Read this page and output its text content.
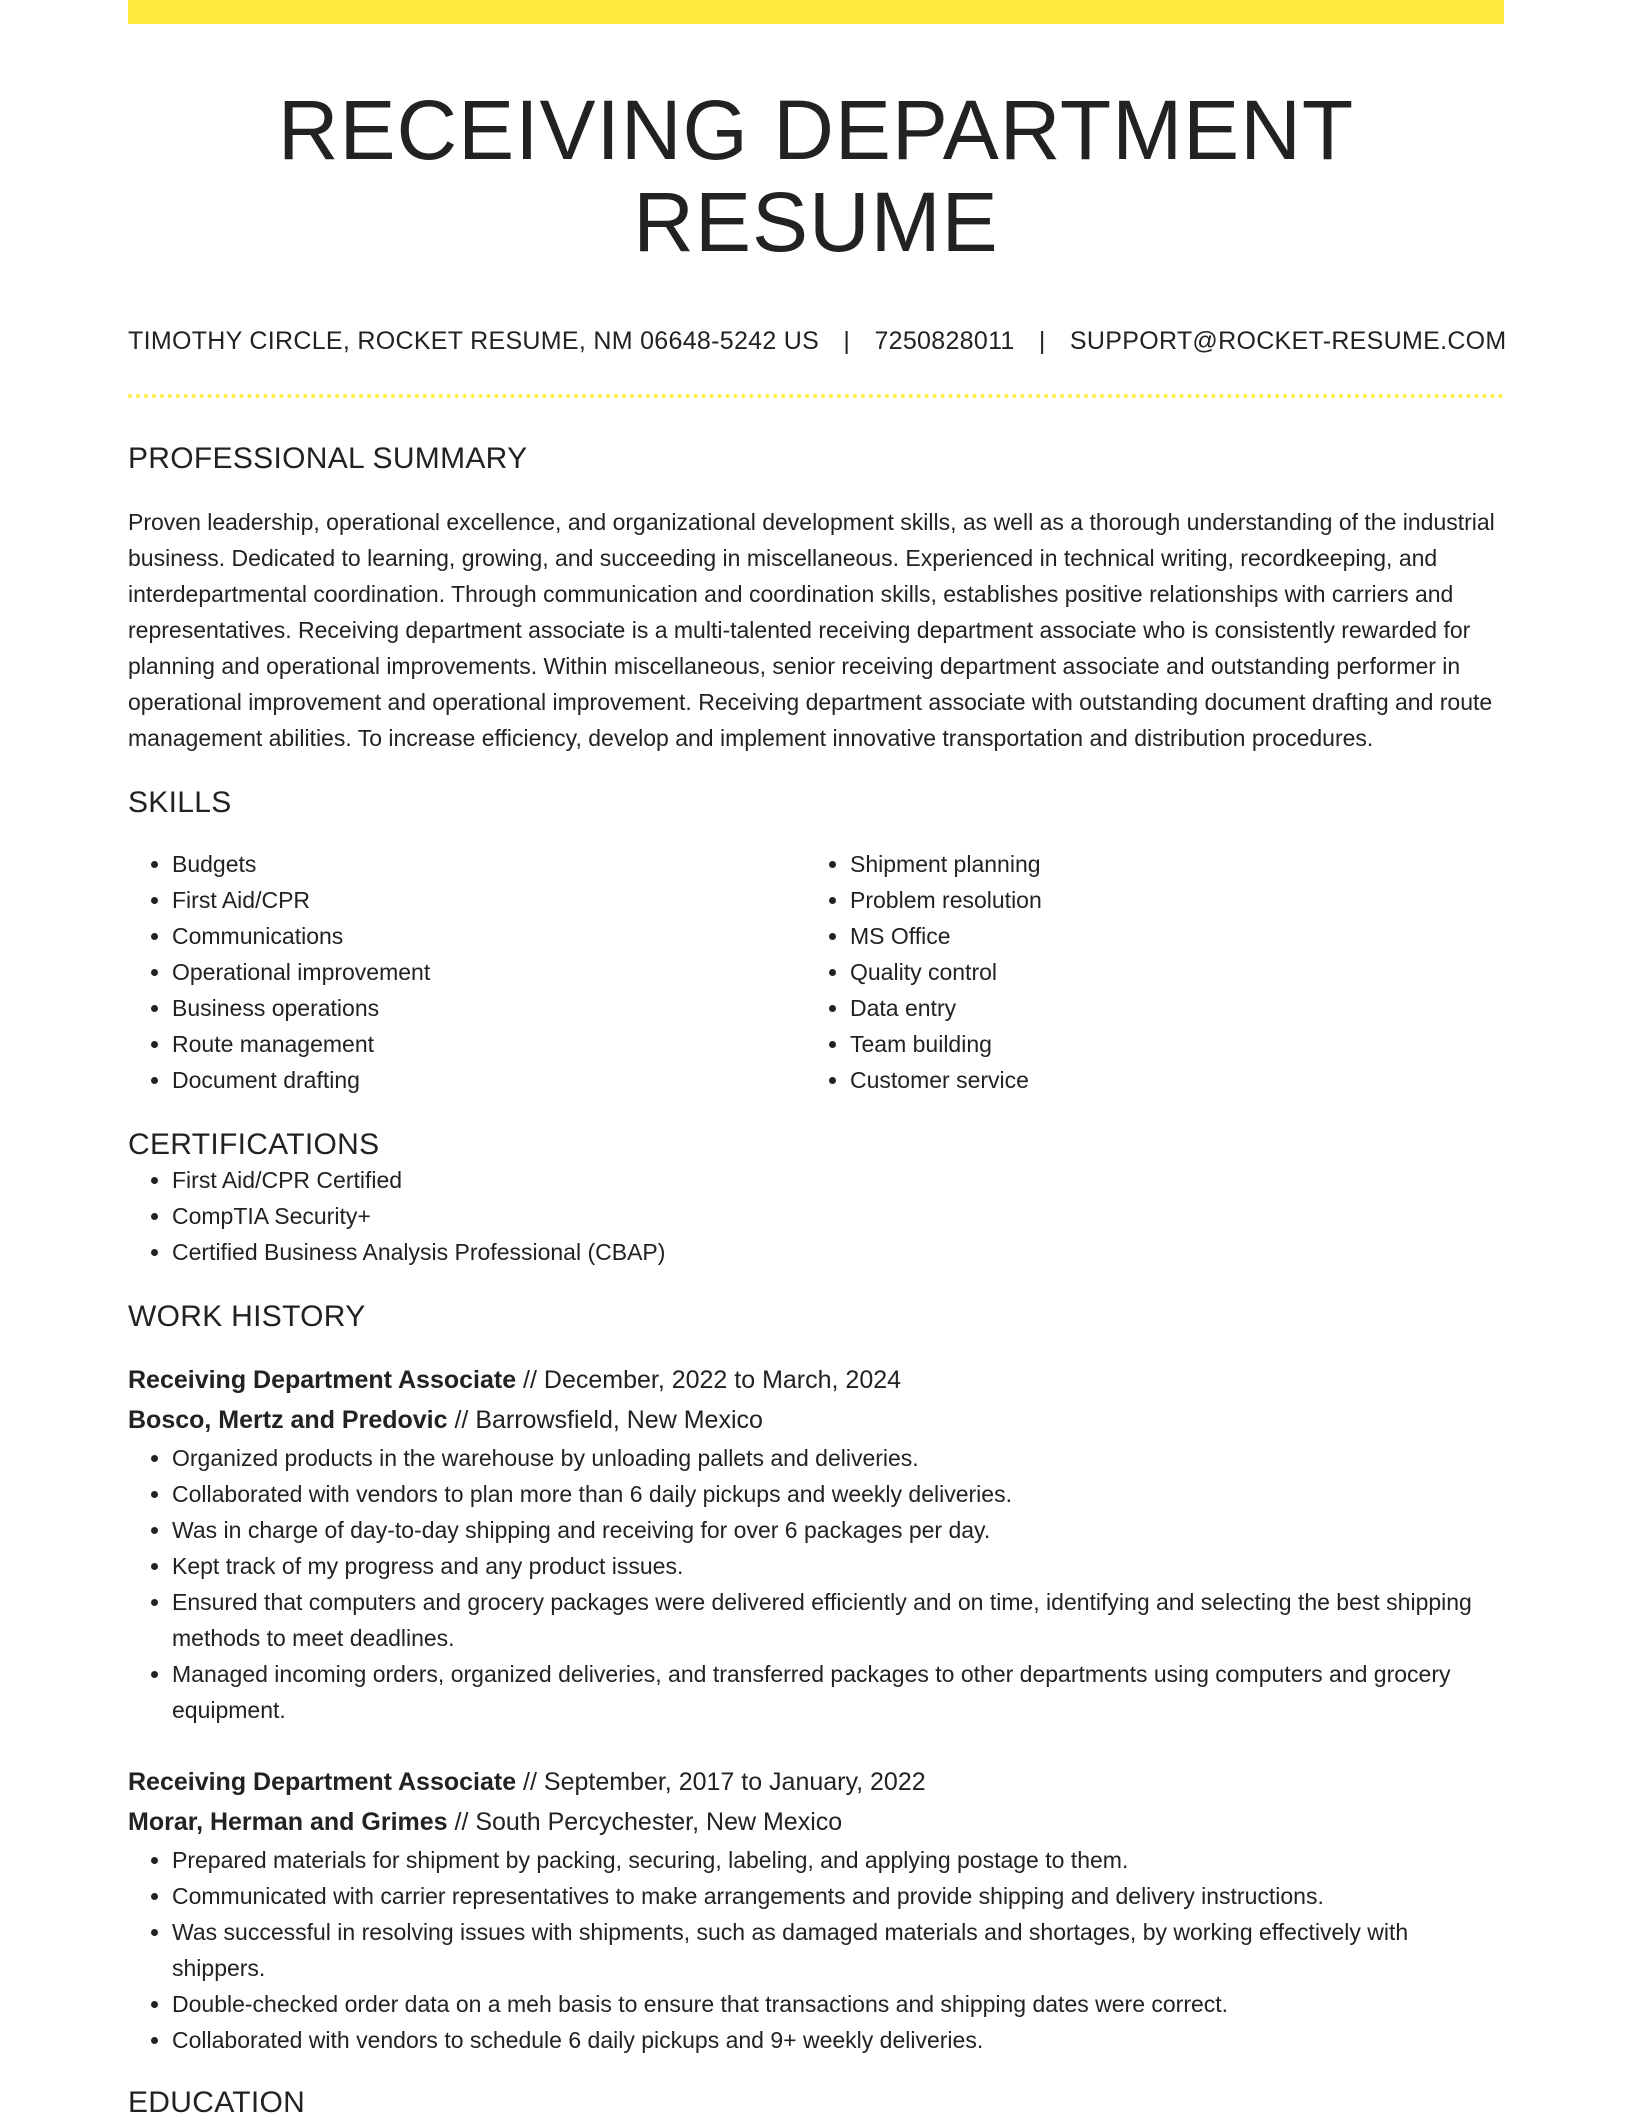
RECEIVING DEPARTMENT RESUME
TIMOTHY CIRCLE, ROCKET RESUME, NM 06648-5242 US | 7250828011 | SUPPORT@ROCKET-RESUME.COM
PROFESSIONAL SUMMARY

Proven leadership, operational excellence, and organizational development skills, as well as a thorough understanding of the industrial business. Dedicated to learning, growing, and succeeding in miscellaneous. Experienced in technical writing, recordkeeping, and interdepartmental coordination. Through communication and coordination skills, establishes positive relationships with carriers and representatives. Receiving department associate is a multi-talented receiving department associate who is consistently rewarded for planning and operational improvements. Within miscellaneous, senior receiving department associate and outstanding performer in operational improvement and operational improvement. Receiving department associate with outstanding document drafting and route management abilities. To increase efficiency, develop and implement innovative transportation and distribution procedures.

SKILLS
• Budgets
• First Aid/CPR
• Communications
• Operational improvement
• Business operations
• Route management
• Document drafting
• Shipment planning
• Problem resolution
• MS Office
• Quality control
• Data entry
• Team building
• Customer service
CERTIFICATIONS
• First Aid/CPR Certified
• CompTIA Security+
• Certified Business Analysis Professional (CBAP)
WORK HISTORY
Receiving Department Associate // December, 2022 to March, 2024
Bosco, Mertz and Predovic // Barrowsfield, New Mexico
• Organized products in the warehouse by unloading pallets and deliveries.
• Collaborated with vendors to plan more than 6 daily pickups and weekly deliveries.
• Was in charge of day-to-day shipping and receiving for over 6 packages per day.
• Kept track of my progress and any product issues.
• Ensured that computers and grocery packages were delivered efficiently and on time, identifying and selecting the best shipping methods to meet deadlines.
• Managed incoming orders, organized deliveries, and transferred packages to other departments using computers and grocery equipment.
Receiving Department Associate // September, 2017 to January, 2022
Morar, Herman and Grimes // South Percychester, New Mexico
• Prepared materials for shipment by packing, securing, labeling, and applying postage to them.
• Communicated with carrier representatives to make arrangements and provide shipping and delivery instructions.
• Was successful in resolving issues with shipments, such as damaged materials and shortages, by working effectively with shippers.
• Double-checked order data on a meh basis to ensure that transactions and shipping dates were correct.
• Collaborated with vendors to schedule 6 daily pickups and 9+ weekly deliveries.
EDUCATION
